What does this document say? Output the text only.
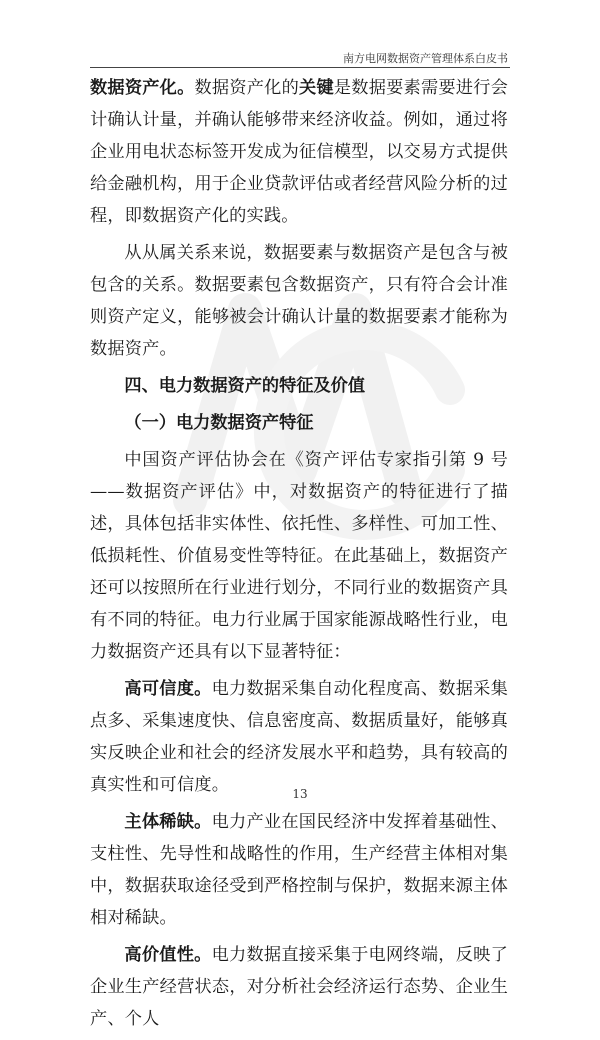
南方电网数据资产管理体系白皮书

数据资产化。数据资产化的关键是数据要素需要进行会计确认计量，并确认能够带来经济收益。例如，通过将企业用电状态标签开发成为征信模型，以交易方式提供给金融机构，用于企业贷款评估或者经营风险分析的过程，即数据资产化的实践。

从从属关系来说，数据要素与数据资产是包含与被包含的关系。数据要素包含数据资产，只有符合会计准则资产定义，能够被会计确认计量的数据要素才能称为数据资产。

四、电力数据资产的特征及价值

（一）电力数据资产特征

中国资产评估协会在《资产评估专家指引第 9 号——数据资产评估》中，对数据资产的特征进行了描述，具体包括非实体性、依托性、多样性、可加工性、低损耗性、价值易变性等特征。在此基础上，数据资产还可以按照所在行业进行划分，不同行业的数据资产具有不同的特征。电力行业属于国家能源战略性行业，电力数据资产还具有以下显著特征：

高可信度。电力数据采集自动化程度高、数据采集点多、采集速度快、信息密度高、数据质量好，能够真实反映企业和社会的经济发展水平和趋势，具有较高的真实性和可信度。

主体稀缺。电力产业在国民经济中发挥着基础性、支柱性、先导性和战略性的作用，生产经营主体相对集中，数据获取途径受到严格控制与保护，数据来源主体相对稀缺。

高价值性。电力数据直接采集于电网终端，反映了企业生产经营状态，对分析社会经济运行态势、企业生产、个人

13
